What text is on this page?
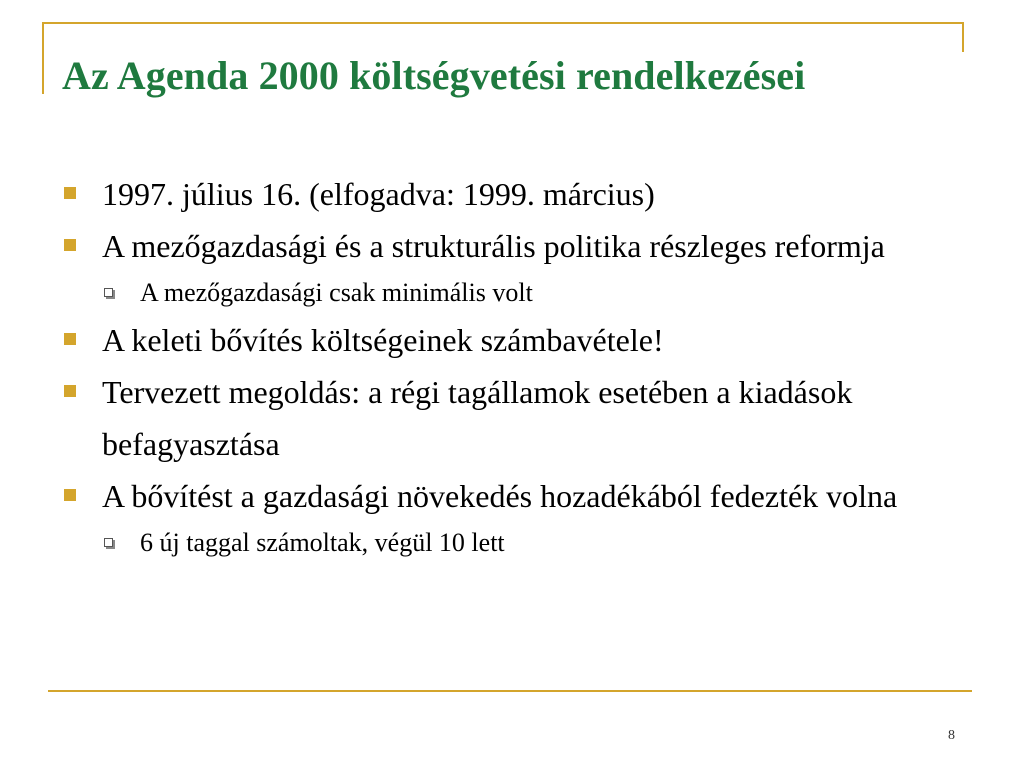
Az Agenda 2000 költségvetési rendelkezései
1997. július 16. (elfogadva: 1999. március)
A mezőgazdasági és a strukturális politika részleges reformja
A mezőgazdasági csak minimális volt
A keleti bővítés költségeinek számbavétele!
Tervezett megoldás: a régi tagállamok esetében a kiadások befagyasztása
A bővítést a gazdasági növekedés hozadékából fedezték volna
6 új taggal számoltak, végül 10 lett
8
